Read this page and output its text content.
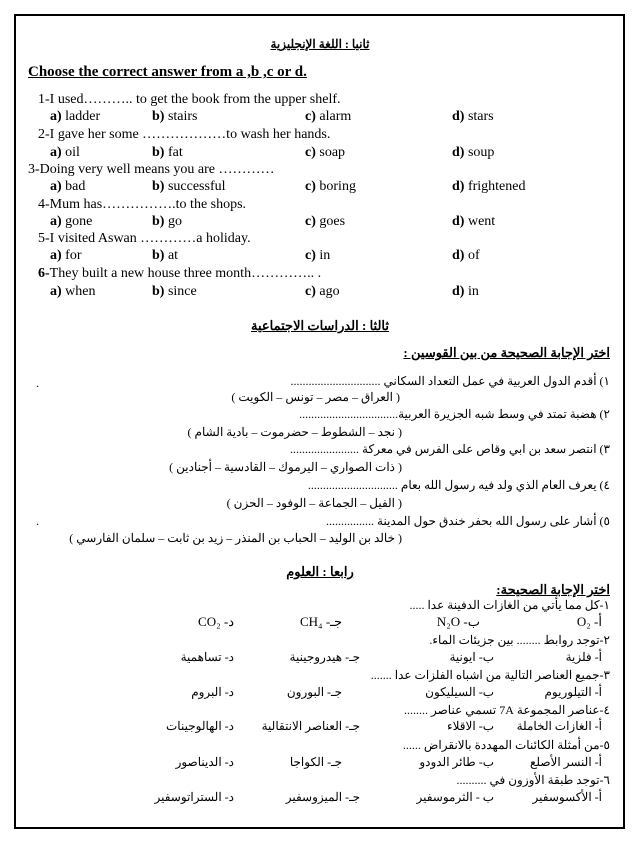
ثانيا : اللغة الإنجليزية
Choose the correct answer from a ,b ,c or d.
1-I used……….. to get the book from the upper shelf.
a) ladder	b) stairs	c) alarm	d) stars
2-I gave her some ………………to wash her hands.
a) oil	b) fat	c) soap	d) soup
3-Doing very well means you are …………
a) bad	b) successful	c) boring	d) frightened
4-Mum has…………….to the shops.
a) gone	b) go	c) goes	d) went
5-I visited Aswan …………a holiday.
a) for	b) at	c) in	d) of
6-They built a new house three month………….. .
a) when	b) since	c) ago	d) in
ثالثا : الدراسات الاجتماعية
اختر الإجابة الصحيحة من بين القوسين :
١) أقدم الدول العربية في عمل التعداد السكاني ..............................
( العراق – مصر – تونس – الكويت )
٢) هضبة تمتد في وسط شبه الجزيرة العربية.................................
( نجد – الشطوط – حضرموت – بادية الشام )
٣) انتصر سعد بن ابي وقاص على الفرس في معركة .......................
( ذات الصواري – اليرموك – القادسية – أجنادين )
٤) يعرف العام الذي ولد فيه رسول الله بعام ..............................
( الفيل – الجماعة – الوفود – الحزن )
٥) أشار على رسول الله بحفر خندق حول المدينة ................
( خالد بن الوليد – الحباب بن المنذر – زيد بن ثابت – سلمان الفارسي )
رابعا : العلوم
اختر الإجابة الصحيحة:
١-كل مما يأتي من الغازات الدفينة عدا .....
أ- O₂
ب- N₂O
جـ- CH₄
د- CO₂
٢-توجد روابط ........ بين جزيئات الماء.
أ- فلزية
ب- ايونية
جـ- هيدروجينية
د- تساهمية
٣-جميع العناصر التالية من اشباه الفلزات عدا .......
أ- التيلوريوم
ب- السيليكون
جـ- البورون
د- البروم
٤-عناصر المجموعة 7A تسمي عناصر ........
أ- الغازات الخاملة
ب- الاقلاء
جـ- العناصر الانتقالية
د- الهالوجينات
٥-من أمثلة الكائنات المهددة بالانقراض ......
أ- النسر الأصلع
ب- طائر الدودو
جـ- الكواجا
د- الديناصور
٦-توجد طبقة الأوزون في ..........
أ- الأكسوسفير
ب - الثرموسفير
جـ- الميزوسفير
د- الستراتوسفير
.
.
